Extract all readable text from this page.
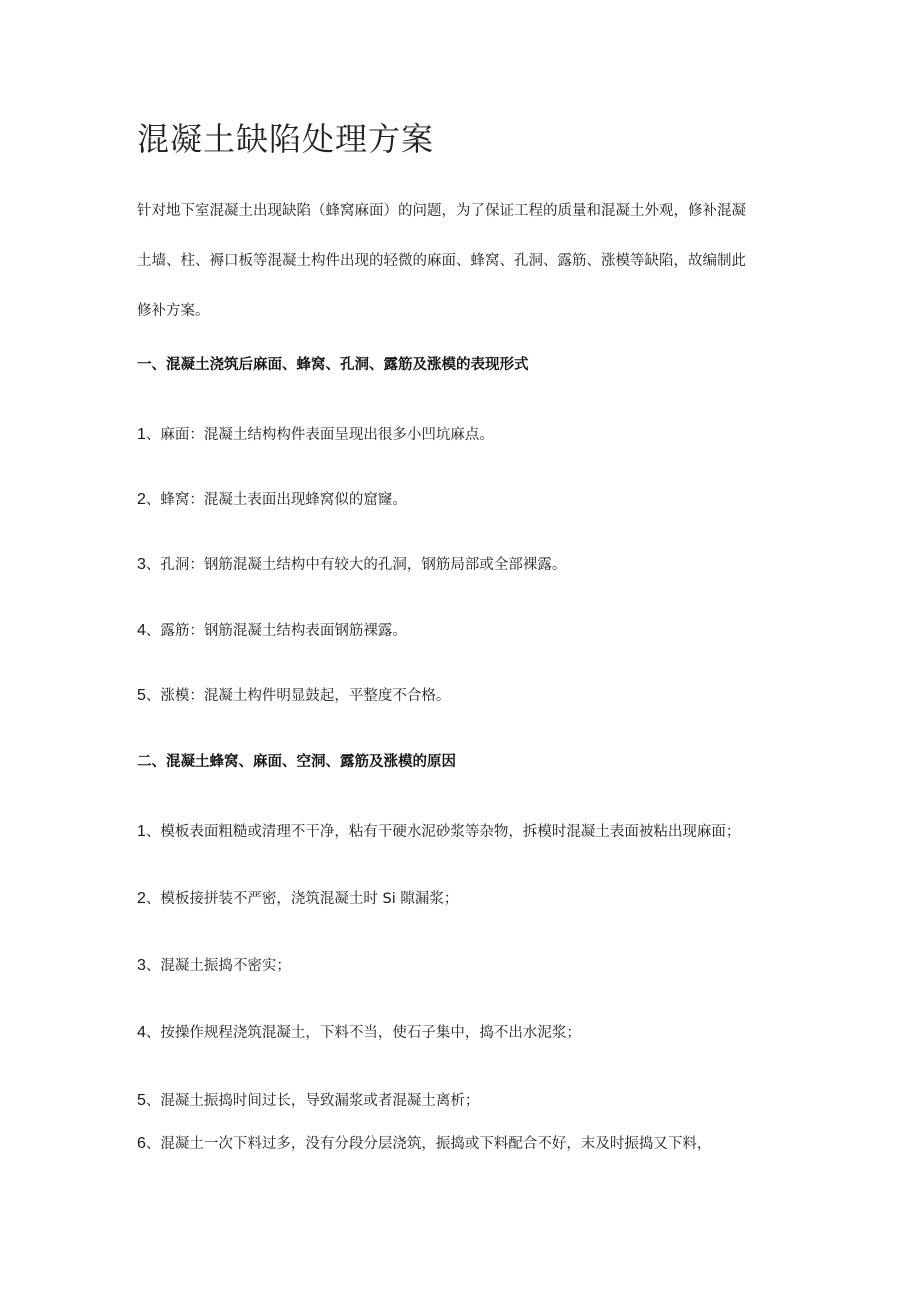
混凝土缺陷处理方案
针对地下室混凝土出现缺陷（蜂窝麻面）的问题，为了保证工程的质量和混凝土外观，修补混凝
土墙、柱、褥口板等混凝土构件出现的轻微的麻面、蜂窝、孔洞、露筋、涨模等缺陷，故编制此
修补方案。
一、混凝土浇筑后麻面、蜂窝、孔洞、露筋及涨模的表现形式
1、麻面：混凝土结构构件表面呈现出很多小凹坑麻点。
2、蜂窝：混凝土表面出现蜂窝似的窟窿。
3、孔洞：钢筋混凝土结构中有较大的孔洞，钢筋局部或全部裸露。
4、露筋：钢筋混凝土结构表面钢筋裸露。
5、涨模：混凝土构件明显鼓起，平整度不合格。
二、混凝土蜂窝、麻面、空洞、露筋及涨模的原因
1、模板表面粗糙或清理不干净，粘有干硬水泥砂浆等杂物，拆模时混凝土表面被粘出现麻面；
2、模板接拼装不严密，浇筑混凝土时 Si 隙漏浆；
3、混凝土振捣不密实；
4、按操作规程浇筑混凝土，下料不当，使石子集中，捣不出水泥浆；
5、混凝土振捣时间过长，导致漏浆或者混凝土离析；
6、混凝土一次下料过多，没有分段分层浇筑，振捣或下料配合不好，末及时振捣又下料，
